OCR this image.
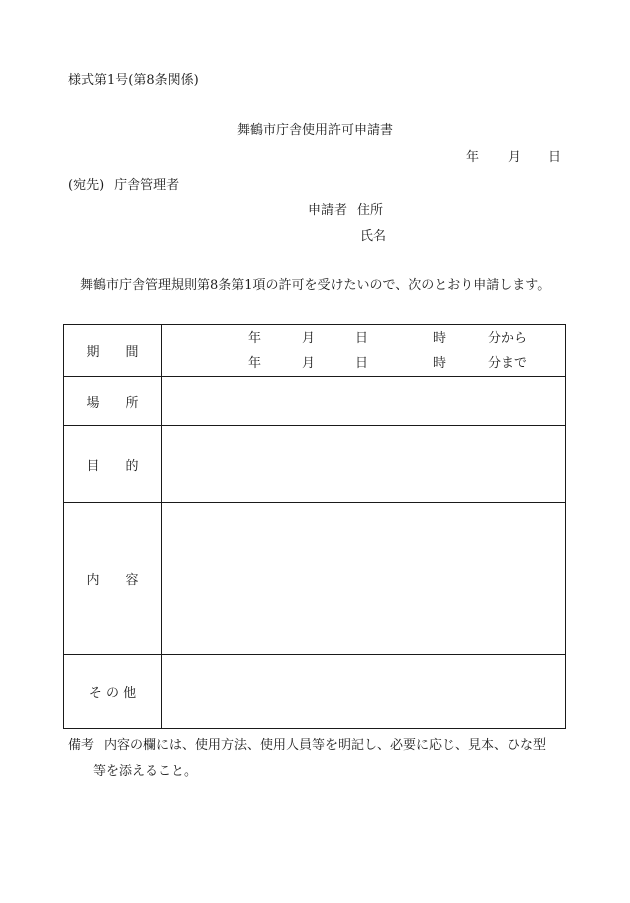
様式第1号(第8条関係)
舞鶴市庁舎使用許可申請書
年 月 日
(宛先) 庁舎管理者
申請者 住所
氏名
舞鶴市庁舎管理規則第8条第1項の許可を受けたいので、次のとおり申請します。
期　　間
年	月	日	時	分から
年	月	日	時	分まで
場　　所
目　　的
内　　容
そ の 他
備考 内容の欄には、使用方法、使用人員等を明記し、必要に応じ、見本、ひな型
等を添えること。
